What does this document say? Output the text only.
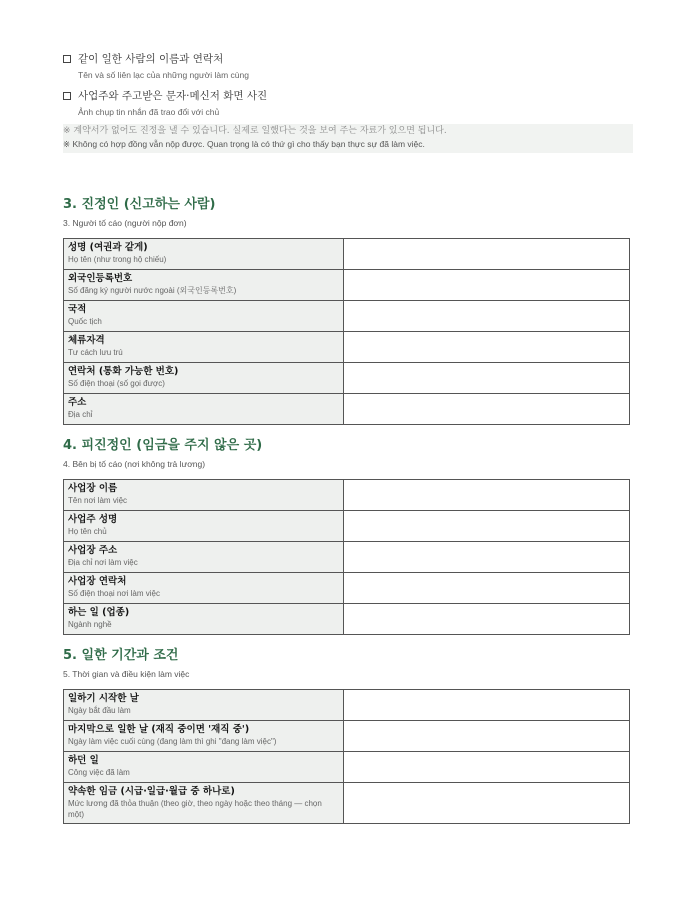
같이 일한 사람의 이름과 연락처
Tên và số liên lạc của những người làm cùng
사업주와 주고받은 문자·메신저 화면 사진
Ảnh chụp tin nhắn đã trao đổi với chủ
※ 계약서가 없어도 진정을 낼 수 있습니다. 실제로 일했다는 것을 보여 주는 자료가 있으면 됩니다.
※ Không có hợp đồng vẫn nộp được. Quan trọng là có thứ gì cho thấy bạn thực sự đã làm việc.
3. 진정인 (신고하는 사람)
3. Người tố cáo (người nộp đơn)
성명 (여권과 같게)
Họ tên (như trong hộ chiếu)	

외국인등록번호
Số đăng ký người nước ngoài (외국인등록번호)	

국적
Quốc tịch	

체류자격
Tư cách lưu trú	

연락처 (통화 가능한 번호)
Số điện thoại (số gọi được)	

주소
Địa chỉ	

4. 피진정인 (임금을 주지 않은 곳)
4. Bên bị tố cáo (nơi không trả lương)
사업장 이름
Tên nơi làm việc	

사업주 성명
Họ tên chủ	

사업장 주소
Địa chỉ nơi làm việc	

사업장 연락처
Số điện thoại nơi làm việc	

하는 일 (업종)
Ngành nghề	

5. 일한 기간과 조건
5. Thời gian và điều kiện làm việc
일하기 시작한 날
Ngày bắt đầu làm	

마지막으로 일한 날 (재직 중이면 '재직 중')
Ngày làm việc cuối cùng (đang làm thì ghi "đang làm việc")	

하던 일
Công việc đã làm	

약속한 임금 (시급·일급·월급 중 하나로)
Mức lương đã thỏa thuận (theo giờ, theo ngày hoặc theo tháng — chọn một)	
